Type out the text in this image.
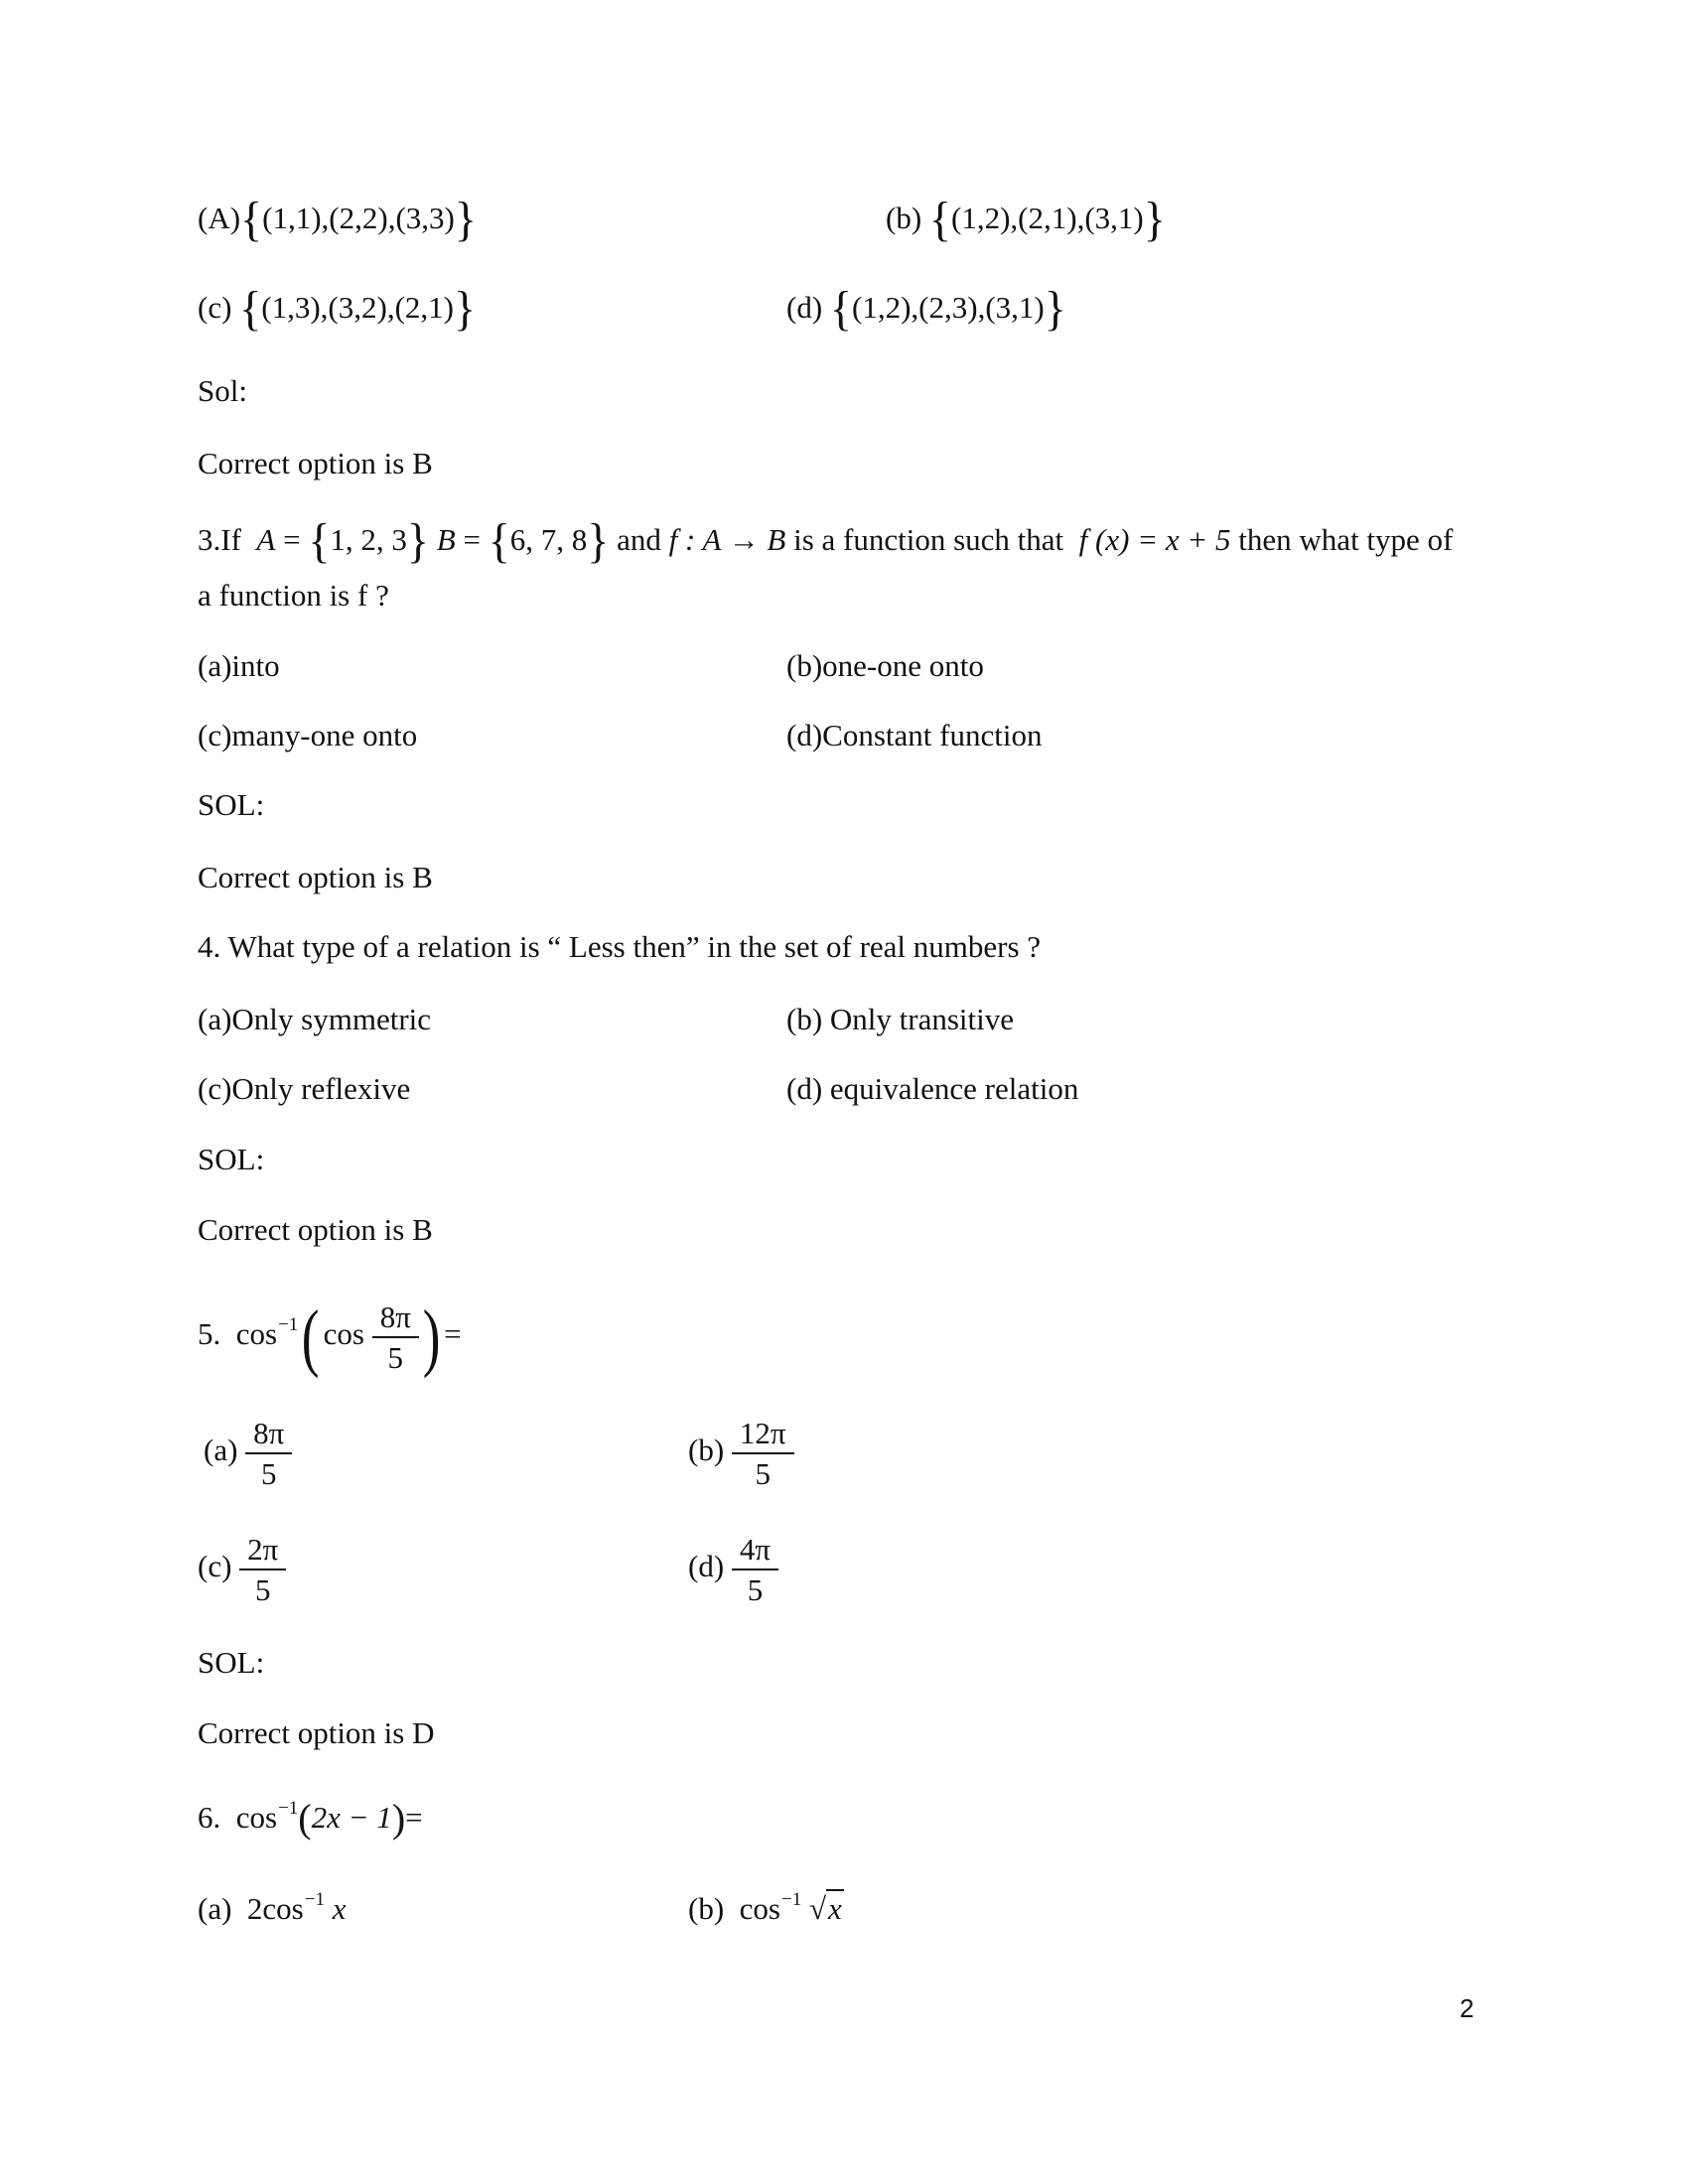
(A){(1,1),(2,2),(3,3)}	(b) {(1,2),(2,1),(3,1)}
(c) {(1,3),(3,2),(2,1)}	(d) {(1,2),(2,3),(3,1)}
Sol:
Correct option is B
3.If A = {1, 2, 3} B = {6, 7, 8} and f : A → B is a function such that f (x) = x + 5 then what type of
a function is f ?
(a)into	(b)one-one onto
(c)many-one onto	(d)Constant function
SOL:
Correct option is B
4. What type of a relation is “ Less then” in the set of real numbers ?
(a)Only symmetric	(b) Only transitive
(c)Only reflexive	(d) equivalence relation
SOL:
Correct option is B
5. $\cos^{-1}$( $\cos \frac{8\pi}{5}$ ) =
$(a) \frac{8\pi}{5}$	$(b) \frac{12\pi}{5}$
$(c) \frac{2\pi}{5}$	$(d) \frac{4\pi}{5}$
SOL:
Correct option is D
6. $\cos^{-1}(2x - 1)=$
(a) $2\cos^{-1}$ x	(b) $\cos^{-1} √x$
2
